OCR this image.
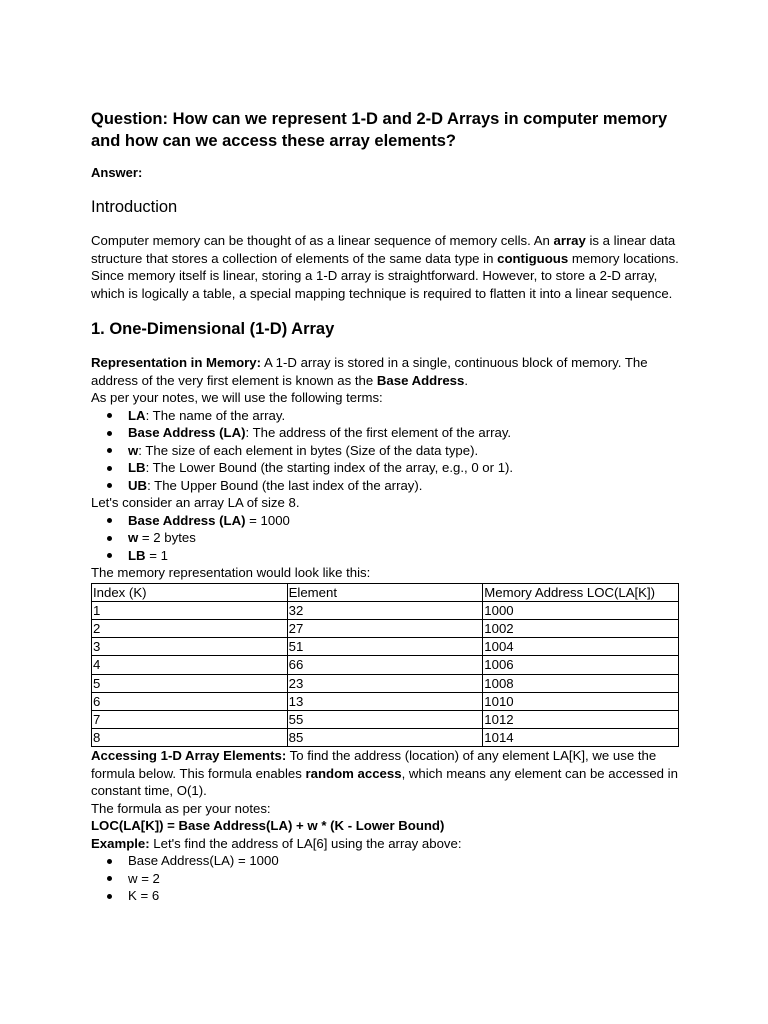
Question: How can we represent 1-D and 2-D Arrays in computer memory and how can we access these array elements?
Answer:
Introduction

Computer memory can be thought of as a linear sequence of memory cells. An array is a linear data structure that stores a collection of elements of the same data type in contiguous memory locations. Since memory itself is linear, storing a 1-D array is straightforward. However, to store a 2-D array, which is logically a table, a special mapping technique is required to flatten it into a linear sequence.

1. One-Dimensional (1-D) Array

Representation in Memory: A 1-D array is stored in a single, continuous block of memory. The address of the very first element is known as the Base Address.

As per your notes, we will use the following terms:

LA: The name of the array.
Base Address (LA): The address of the first element of the array.
w: The size of each element in bytes (Size of the data type).
LB: The Lower Bound (the starting index of the array, e.g., 0 or 1).
UB: The Upper Bound (the last index of the array).

Let's consider an array LA of size 8.

Base Address (LA) = 1000
w = 2 bytes
LB = 1

The memory representation would look like this:

Index (K)	Element	Memory Address LOC(LA[K])
1	32	1000
2	27	1002
3	51	1004
4	66	1006
5	23	1008
6	13	1010
7	55	1012
8	85	1014

Accessing 1-D Array Elements: To find the address (location) of any element LA[K], we use the formula below. This formula enables random access, which means any element can be accessed in constant time, O(1).

The formula as per your notes:

LOC(LA[K]) = Base Address(LA) + w * (K - Lower Bound)

Example: Let's find the address of LA[6] using the array above:

Base Address(LA) = 1000
w = 2
K = 6
